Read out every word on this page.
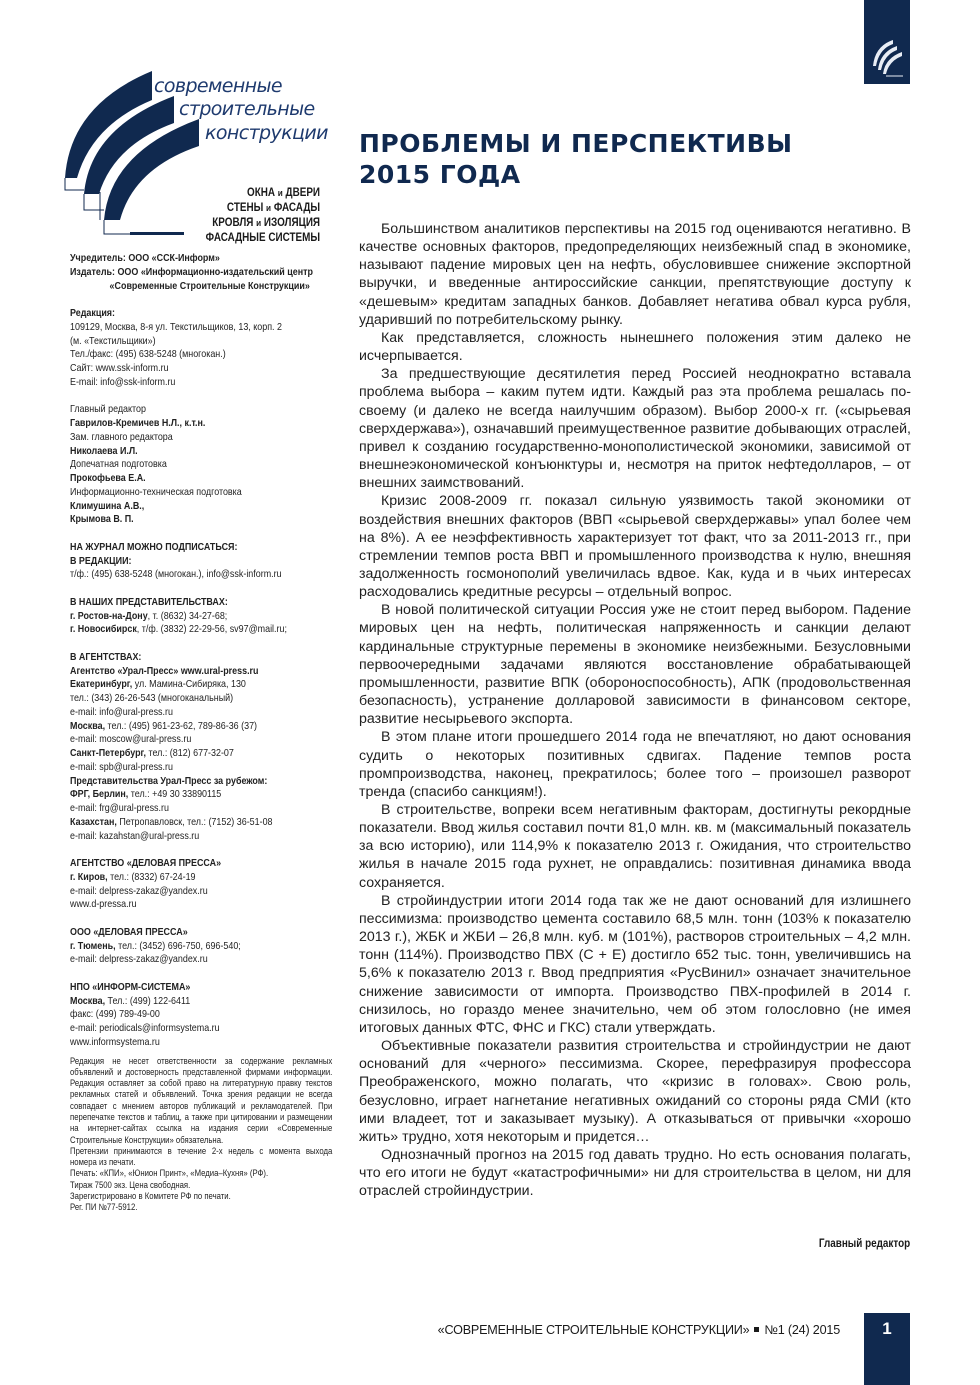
современные
строительные
конструкции
ОКНА и ДВЕРИ
СТЕНЫ и ФАСАДЫ
КРОВЛЯ и ИЗОЛЯЦИЯ
ФАСАДНЫЕ СИСТЕМЫ
Учредитель: ООО «ССК-Информ»
Издатель: ООО «Информационно-издательский центр
«Современные Строительные Конструкции»
Редакция:
109129, Москва, 8-я ул. Текстильщиков, 13, корп. 2
(м. «Текстильщики»)
Тел./факс: (495) 638-5248 (многокан.)
Сайт: www.ssk-inform.ru
E-mail: info@ssk-inform.ru
Главный редактор
Гаврилов-Кремичев Н.Л., к.т.н.
Зам. главного редактора
Николаева И.Л.
Допечатная подготовка
Прокофьева Е.А.
Информационно-техническая подготовка
Климушина А.В.,
Крымова В. П.
НА ЖУРНАЛ МОЖНО ПОДПИСАТЬСЯ:
В РЕДАКЦИИ:
т/ф.: (495) 638-5248 (многокан.), info@ssk-inform.ru
В НАШИХ ПРЕДСТАВИТЕЛЬСТВАХ:
г. Ростов-на-Дону, т. (8632) 34-27-68;
г. Новосибирск, т/ф. (3832) 22-29-56, sv97@mail.ru;
В АГЕНТСТВАХ:
Агентство «Урал-Пресс» www.ural-press.ru
Екатеринбург, ул. Мамина-Сибиряка, 130
тел.: (343) 26-26-543 (многоканальный)
e-mail: info@ural-press.ru
Москва, тел.: (495) 961-23-62, 789-86-36 (37)
e-mail: moscow@ural-press.ru
Санкт-Петербург, тел.: (812) 677-32-07
e-mail: spb@ural-press.ru
Представительства Урал-Пресс за рубежом:
ФРГ, Берлин, тел.: +49 30 33890115
e-mail: frg@ural-press.ru
Казахстан, Петропавловск, тел.: (7152) 36-51-08
e-mail: kazahstan@ural-press.ru
АГЕНТСТВО «ДЕЛОВАЯ ПРЕССА»
г. Киров, тел.: (8332) 67-24-19
e-mail: delpress-zakaz@yandex.ru
www.d-pressa.ru
ООО «ДЕЛОВАЯ ПРЕССА»
г. Тюмень, тел.: (3452) 696-750, 696-540;
e-mail: delpress-zakaz@yandex.ru
НПО «ИНФОРМ-СИСТЕМА»
Москва, Тел.: (499) 122-6411
факс: (499) 789-49-00
e-mail: periodicals@informsystema.ru
www.informsystema.ru
Редакция не несет ответственности за содержание рекламных объявлений и достоверность представленной фирмами информации. Редакция оставляет за собой право на литературную правку текстов рекламных статей и объявлений. Точка зрения редакции не всегда совпадает с мнением авторов публикаций и рекламодателей. При перепечатке текстов и таблиц, а также при цитировании и размещении на интернет-сайтах ссылка на издания серии «Современные Строительные Конструкции» обязательна.
Претензии принимаются в течение 2-х недель с момента выхода номера из печати.
Печать: «КПИ», «Юнион Принт», «Медиа–Кухня» (РФ).
Тираж 7500 экз. Цена свободная.
Зарегистрировано в Комитете РФ по печати.
Рег. ПИ №77-5912.
ПРОБЛЕМЫ И ПЕРСПЕКТИВЫ
2015 ГОДА

Большинством аналитиков перспективы на 2015 год оцениваются негативно. В качестве основных факторов, предопределяющих неизбежный спад в экономике, называют падение мировых цен на нефть, обусловившее снижение экспортной выручки, и введенные антироссийские санкции, препятствующие доступу к «дешевым» кредитам западных банков. Добавляет негатива обвал курса рубля, ударивший по потребительскому рынку.

Как представляется, сложность нынешнего положения этим далеко не исчерпывается.

За предшествующие десятилетия перед Россией неоднократно вставала проблема выбора – каким путем идти. Каждый раз эта проблема решалась по-своему (и далеко не всегда наилучшим образом). Выбор 2000-х гг. («сырьевая сверхдержава»), означавший преимущественное развитие добывающих отраслей, привел к созданию государственно-монополистической экономики, зависимой от внешнеэкономической конъюнктуры и, несмотря на приток нефтедолларов, – от внешних заимствований.

Кризис 2008-2009 гг. показал сильную уязвимость такой экономики от воздействия внешних факторов (ВВП «сырьевой сверхдержавы» упал более чем на 8%). А ее неэффективность характеризует тот факт, что за 2011-2013 гг., при стремлении темпов роста ВВП и промышленного производства к нулю, внешняя задолженность госмонополий увеличилась вдвое. Как, куда и в чьих интересах расходовались кредитные ресурсы – отдельный вопрос.

В новой политической ситуации Россия уже не стоит перед выбором. Падение мировых цен на нефть, политическая напряженность и санкции делают кардинальные структурные перемены в экономике неизбежными. Безусловными первоочередными задачами являются восстановление обрабатывающей промышленности, развитие ВПК (обороноспособность), АПК (продовольственная безопасность), устранение долларовой зависимости в финансовом секторе, развитие несырьевого экспорта.

В этом плане итоги прошедшего 2014 года не впечатляют, но дают основания судить о некоторых позитивных сдвигах. Падение темпов роста промпроизводства, наконец, прекратилось; более того – произошел разворот тренда (спасибо санкциям!).

В строительстве, вопреки всем негативным факторам, достигнуты рекордные показатели. Ввод жилья составил почти 81,0 млн. кв. м (максимальный показатель за всю историю), или 114,9% к показателю 2013 г. Ожидания, что строительство жилья в начале 2015 года рухнет, не оправдались: позитивная динамика ввода сохраняется.

В стройиндустрии итоги 2014 года так же не дают оснований для излишнего пессимизма: производство цемента составило 68,5 млн. тонн (103% к показателю 2013 г.), ЖБК и ЖБИ – 26,8 млн. куб. м (101%), растворов строительных – 4,2 млн. тонн (114%). Производство ПВХ (С + Е) достигло 652 тыс. тонн, увеличившись на 5,6% к показателю 2013 г. Ввод предприятия «РусВинил» означает значительное снижение зависимости от импорта. Производство ПВХ-профилей в 2014 г. снизилось, но гораздо менее значительно, чем об этом голословно (не имея итоговых данных ФТС, ФНС и ГКС) стали утверждать.

Объективные показатели развития строительства и стройиндустрии не дают оснований для «черного» пессимизма. Скорее, перефразируя профессора Преображенского, можно полагать, что «кризис в головах». Свою роль, безусловно, играет нагнетание негативных ожиданий со стороны ряда СМИ (кто ими владеет, тот и заказывает музыку). А отказываться от привычки «хорошо жить» трудно, хотя некоторым и придется…

Однозначный прогноз на 2015 год давать трудно. Но есть основания полагать, что его итоги не будут «катастрофичными» ни для строительства в целом, ни для отраслей стройиндустрии.

Главный редактор
«СОВРЕМЕННЫЕ СТРОИТЕЛЬНЫЕ КОНСТРУКЦИИ» №1 (24) 2015	1
